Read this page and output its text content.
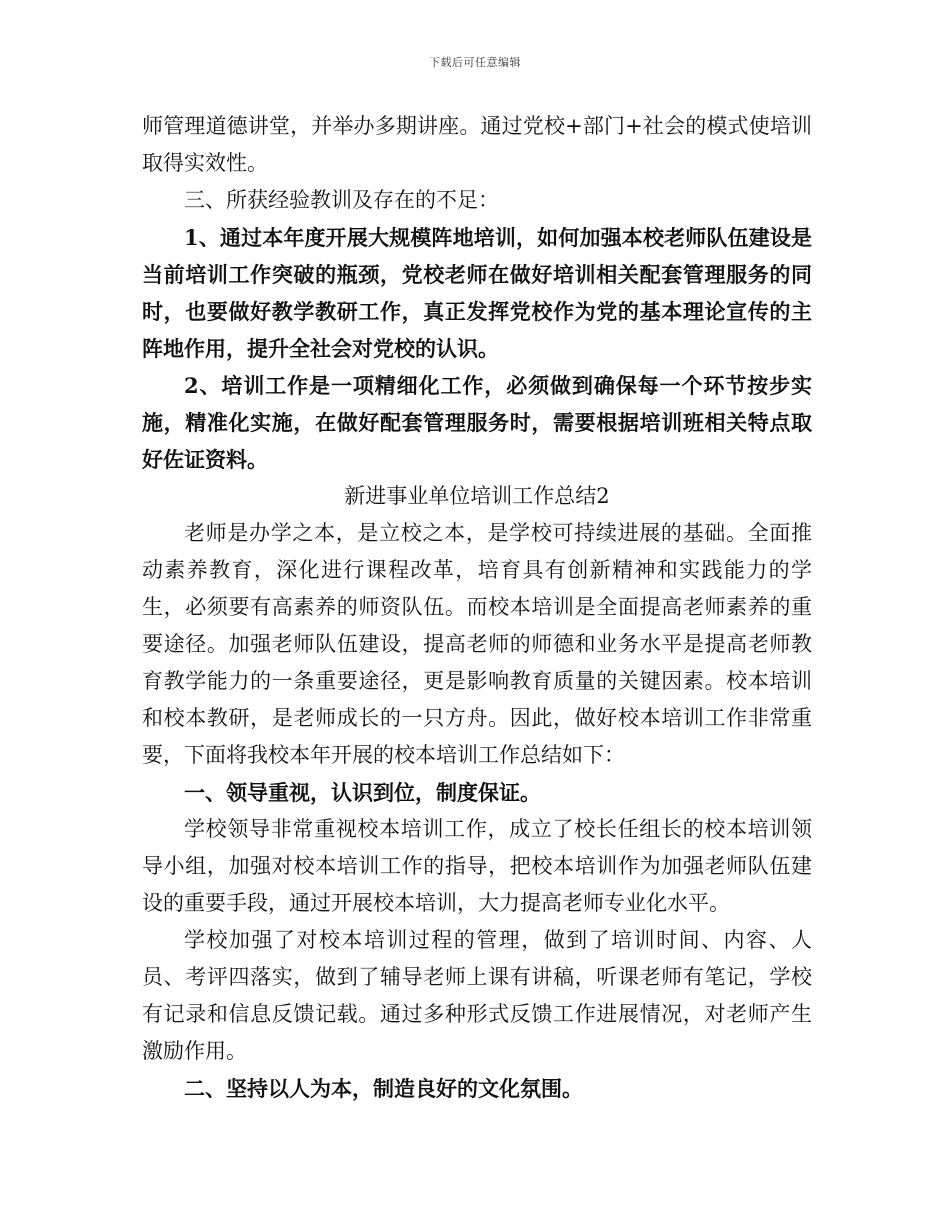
下载后可任意编辑

师管理道德讲堂，并举办多期讲座。通过党校+部门+社会的模式使培训取得实效性。

三、所获经验教训及存在的不足：

1、通过本年度开展大规模阵地培训，如何加强本校老师队伍建设是当前培训工作突破的瓶颈，党校老师在做好培训相关配套管理服务的同时，也要做好教学教研工作，真正发挥党校作为党的基本理论宣传的主阵地作用，提升全社会对党校的认识。

2、培训工作是一项精细化工作，必须做到确保每一个环节按步实施，精准化实施，在做好配套管理服务时，需要根据培训班相关特点取好佐证资料。

新进事业单位培训工作总结2

老师是办学之本，是立校之本，是学校可持续进展的基础。全面推动素养教育，深化进行课程改革，培育具有创新精神和实践能力的学生，必须要有高素养的师资队伍。而校本培训是全面提高老师素养的重要途径。加强老师队伍建设，提高老师的师德和业务水平是提高老师教育教学能力的一条重要途径，更是影响教育质量的关键因素。校本培训和校本教研，是老师成长的一只方舟。因此，做好校本培训工作非常重要，下面将我校本年开展的校本培训工作总结如下：

一、领导重视，认识到位，制度保证。

学校领导非常重视校本培训工作，成立了校长任组长的校本培训领导小组，加强对校本培训工作的指导，把校本培训作为加强老师队伍建设的重要手段，通过开展校本培训，大力提高老师专业化水平。

学校加强了对校本培训过程的管理，做到了培训时间、内容、人员、考评四落实，做到了辅导老师上课有讲稿，听课老师有笔记，学校有记录和信息反馈记载。通过多种形式反馈工作进展情况，对老师产生激励作用。

二、坚持以人为本，制造良好的文化氛围。
